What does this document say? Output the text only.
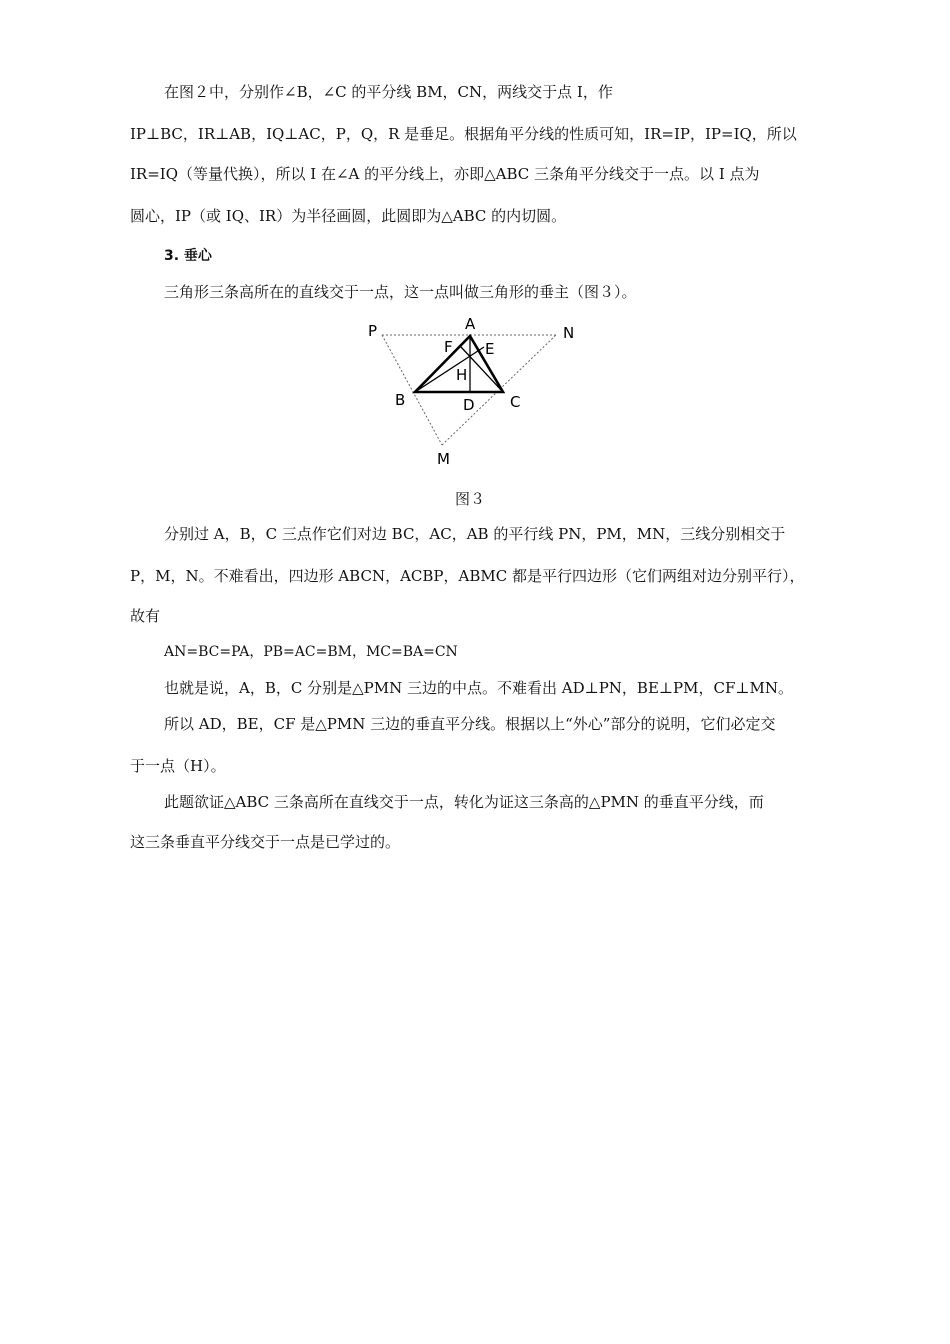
在图２中，分别作∠B，∠C 的平分线 BM，CN，两线交于点 I，作
IP⊥BC，IR⊥AB，IQ⊥AC，P，Q，R 是垂足。根据角平分线的性质可知，IR=IP，IP=IQ，所以
IR=IQ（等量代换），所以 I 在∠A 的平分线上，亦即△ABC 三条角平分线交于一点。以 I 点为
圆心，IP（或 IQ、IR）为半径画圆，此圆即为△ABC 的内切圆。
3. 垂心
三角形三条高所在的直线交于一点，这一点叫做三角形的垂主（图３）。
P	A	N
F E
H
B	D C
M
图３
分别过 A，B，C 三点作它们对边 BC，AC，AB 的平行线 PN，PM，MN，三线分别相交于
P，M，N。不难看出，四边形 ABCN，ACBP，ABMC 都是平行四边形（它们两组对边分别平行），
故有
AN=BC=PA，PB=AC=BM，MC=BA=CN
也就是说，A，B，C 分别是△PMN 三边的中点。不难看出 AD⊥PN，BE⊥PM，CF⊥MN。
所以 AD，BE，CF 是△PMN 三边的垂直平分线。根据以上“外心”部分的说明，它们必定交
于一点（H）。
此题欲证△ABC 三条高所在直线交于一点，转化为证这三条高的△PMN 的垂直平分线，而
这三条垂直平分线交于一点是已学过的。
